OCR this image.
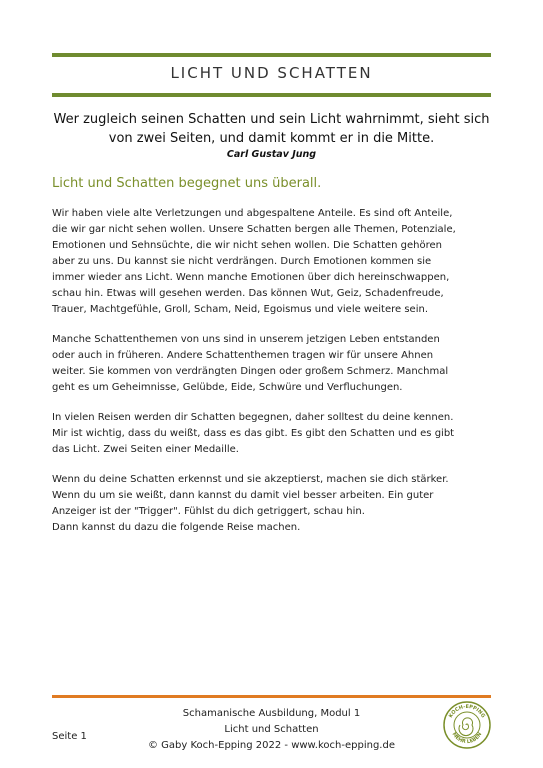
LICHT UND SCHATTEN
Wer zugleich seinen Schatten und sein Licht wahrnimmt, sieht sich von zwei Seiten, und damit kommt er in die Mitte.
Carl Gustav Jung
Licht und Schatten begegnet uns überall.

Wir haben viele alte Verletzungen und abgespaltene Anteile. Es sind oft Anteile,
die wir gar nicht sehen wollen. Unsere Schatten bergen alle Themen, Potenziale,
Emotionen und Sehnsüchte, die wir nicht sehen wollen. Die Schatten gehören
aber zu uns. Du kannst sie nicht verdrängen. Durch Emotionen kommen sie
immer wieder ans Licht. Wenn manche Emotionen über dich hereinschwappen,
schau hin. Etwas will gesehen werden. Das können Wut, Geiz, Schadenfreude,
Trauer, Machtgefühle, Groll, Scham, Neid, Egoismus und viele weitere sein.

Manche Schattenthemen von uns sind in unserem jetzigen Leben entstanden
oder auch in früheren. Andere Schattenthemen tragen wir für unsere Ahnen
weiter. Sie kommen von verdrängten Dingen oder großem Schmerz. Manchmal
geht es um Geheimnisse, Gelübde, Eide, Schwüre und Verfluchungen.

In vielen Reisen werden dir Schatten begegnen, daher solltest du deine kennen.
Mir ist wichtig, dass du weißt, dass es das gibt. Es gibt den Schatten und es gibt
das Licht. Zwei Seiten einer Medaille.

Wenn du deine Schatten erkennst und sie akzeptierst, machen sie dich stärker.
Wenn du um sie weißt, dann kannst du damit viel besser arbeiten. Ein guter
Anzeiger ist der "Trigger". Fühlst du dich getriggert, schau hin.
Dann kannst du dazu die folgende Reise machen.

Schamanische Ausbildung, Modul 1
Licht und Schatten
© Gaby Koch-Epping 2022 - www.koch-epping.de
Seite 1
KOCH-EPPING
MEHR LEBEN
